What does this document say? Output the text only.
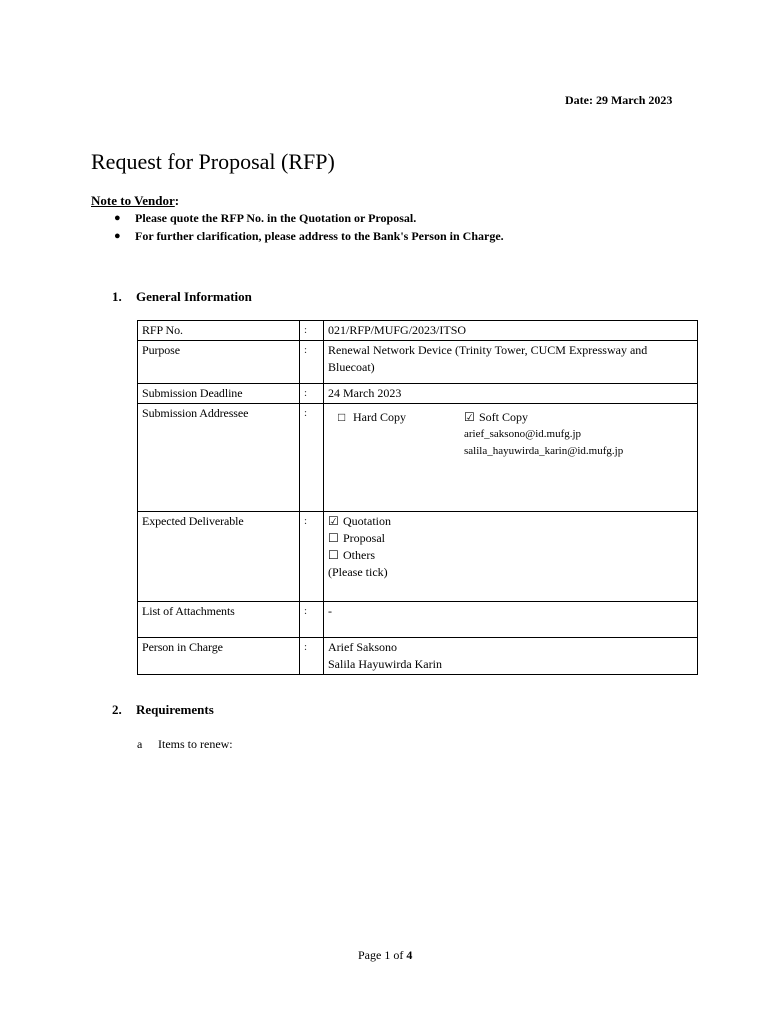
Date: 29 March 2023
Request for Proposal (RFP)
Note to Vendor:
● Please quote the RFP No. in the Quotation or Proposal.
● For further clarification, please address to the Bank's Person in Charge.
1. General Information
RFP No.	:	021/RFP/MUFG/2023/ITSO
Purpose	:	Renewal Network Device (Trinity Tower, CUCM Expressway and Bluecoat)
Submission Deadline	:	24 March 2023
Submission Addressee	:	□ Hard Copy ☑ Soft Copy
arief_saksono@id.mufg.jp
salila_hayuwirda_karin@id.mufg.jp

Expected Deliverable	:	☑ Quotation
☐ Proposal
☐ Others
(Please tick)

List of Attachments	:	-
Person in Charge	:	Arief Saksono
Salila Hayuwirda Karin
2. Requirements
a Items to renew:
Page 1 of 4
